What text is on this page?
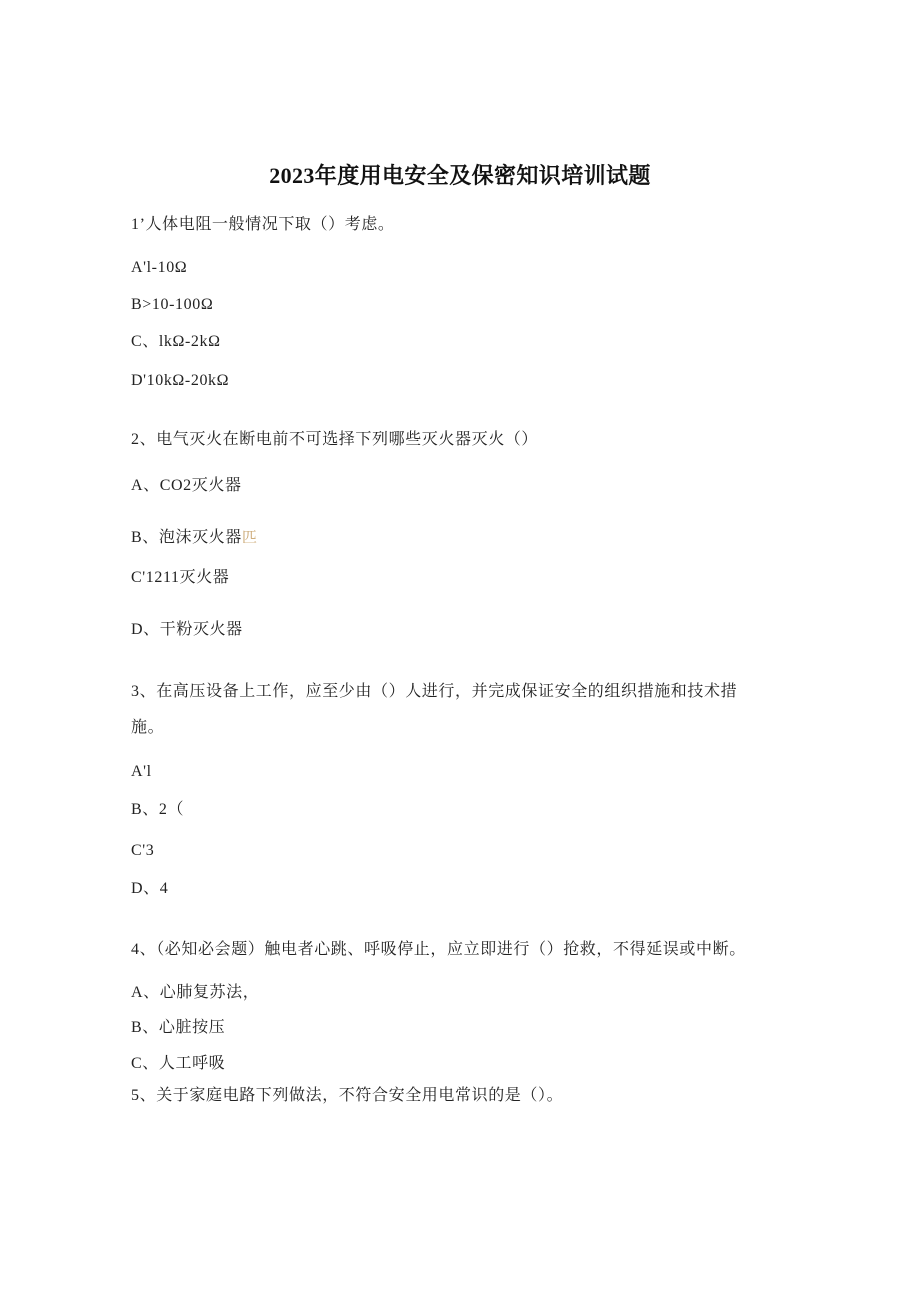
2023年度用电安全及保密知识培训试题
1’人体电阻一般情况下取（）考虑。
A'l-10Ω
B>10-100Ω
C、lkΩ-2kΩ
D'10kΩ-20kΩ
2、电气灭火在断电前不可选择下列哪些灭火器灭火（）
A、CO2灭火器
B、泡沫灭火器匹
C'1211灭火器
D、干粉灭火器
3、在高压设备上工作，应至少由（）人进行，并完成保证安全的组织措施和技术措
施。
A'l
B、2（
C'3
D、4
4、（必知必会题）触电者心跳、呼吸停止，应立即进行（）抢救，不得延误或中断。
A、心肺复苏法，
B、心脏按压
C、人工呼吸
5、关于家庭电路下列做法，不符合安全用电常识的是（）。
